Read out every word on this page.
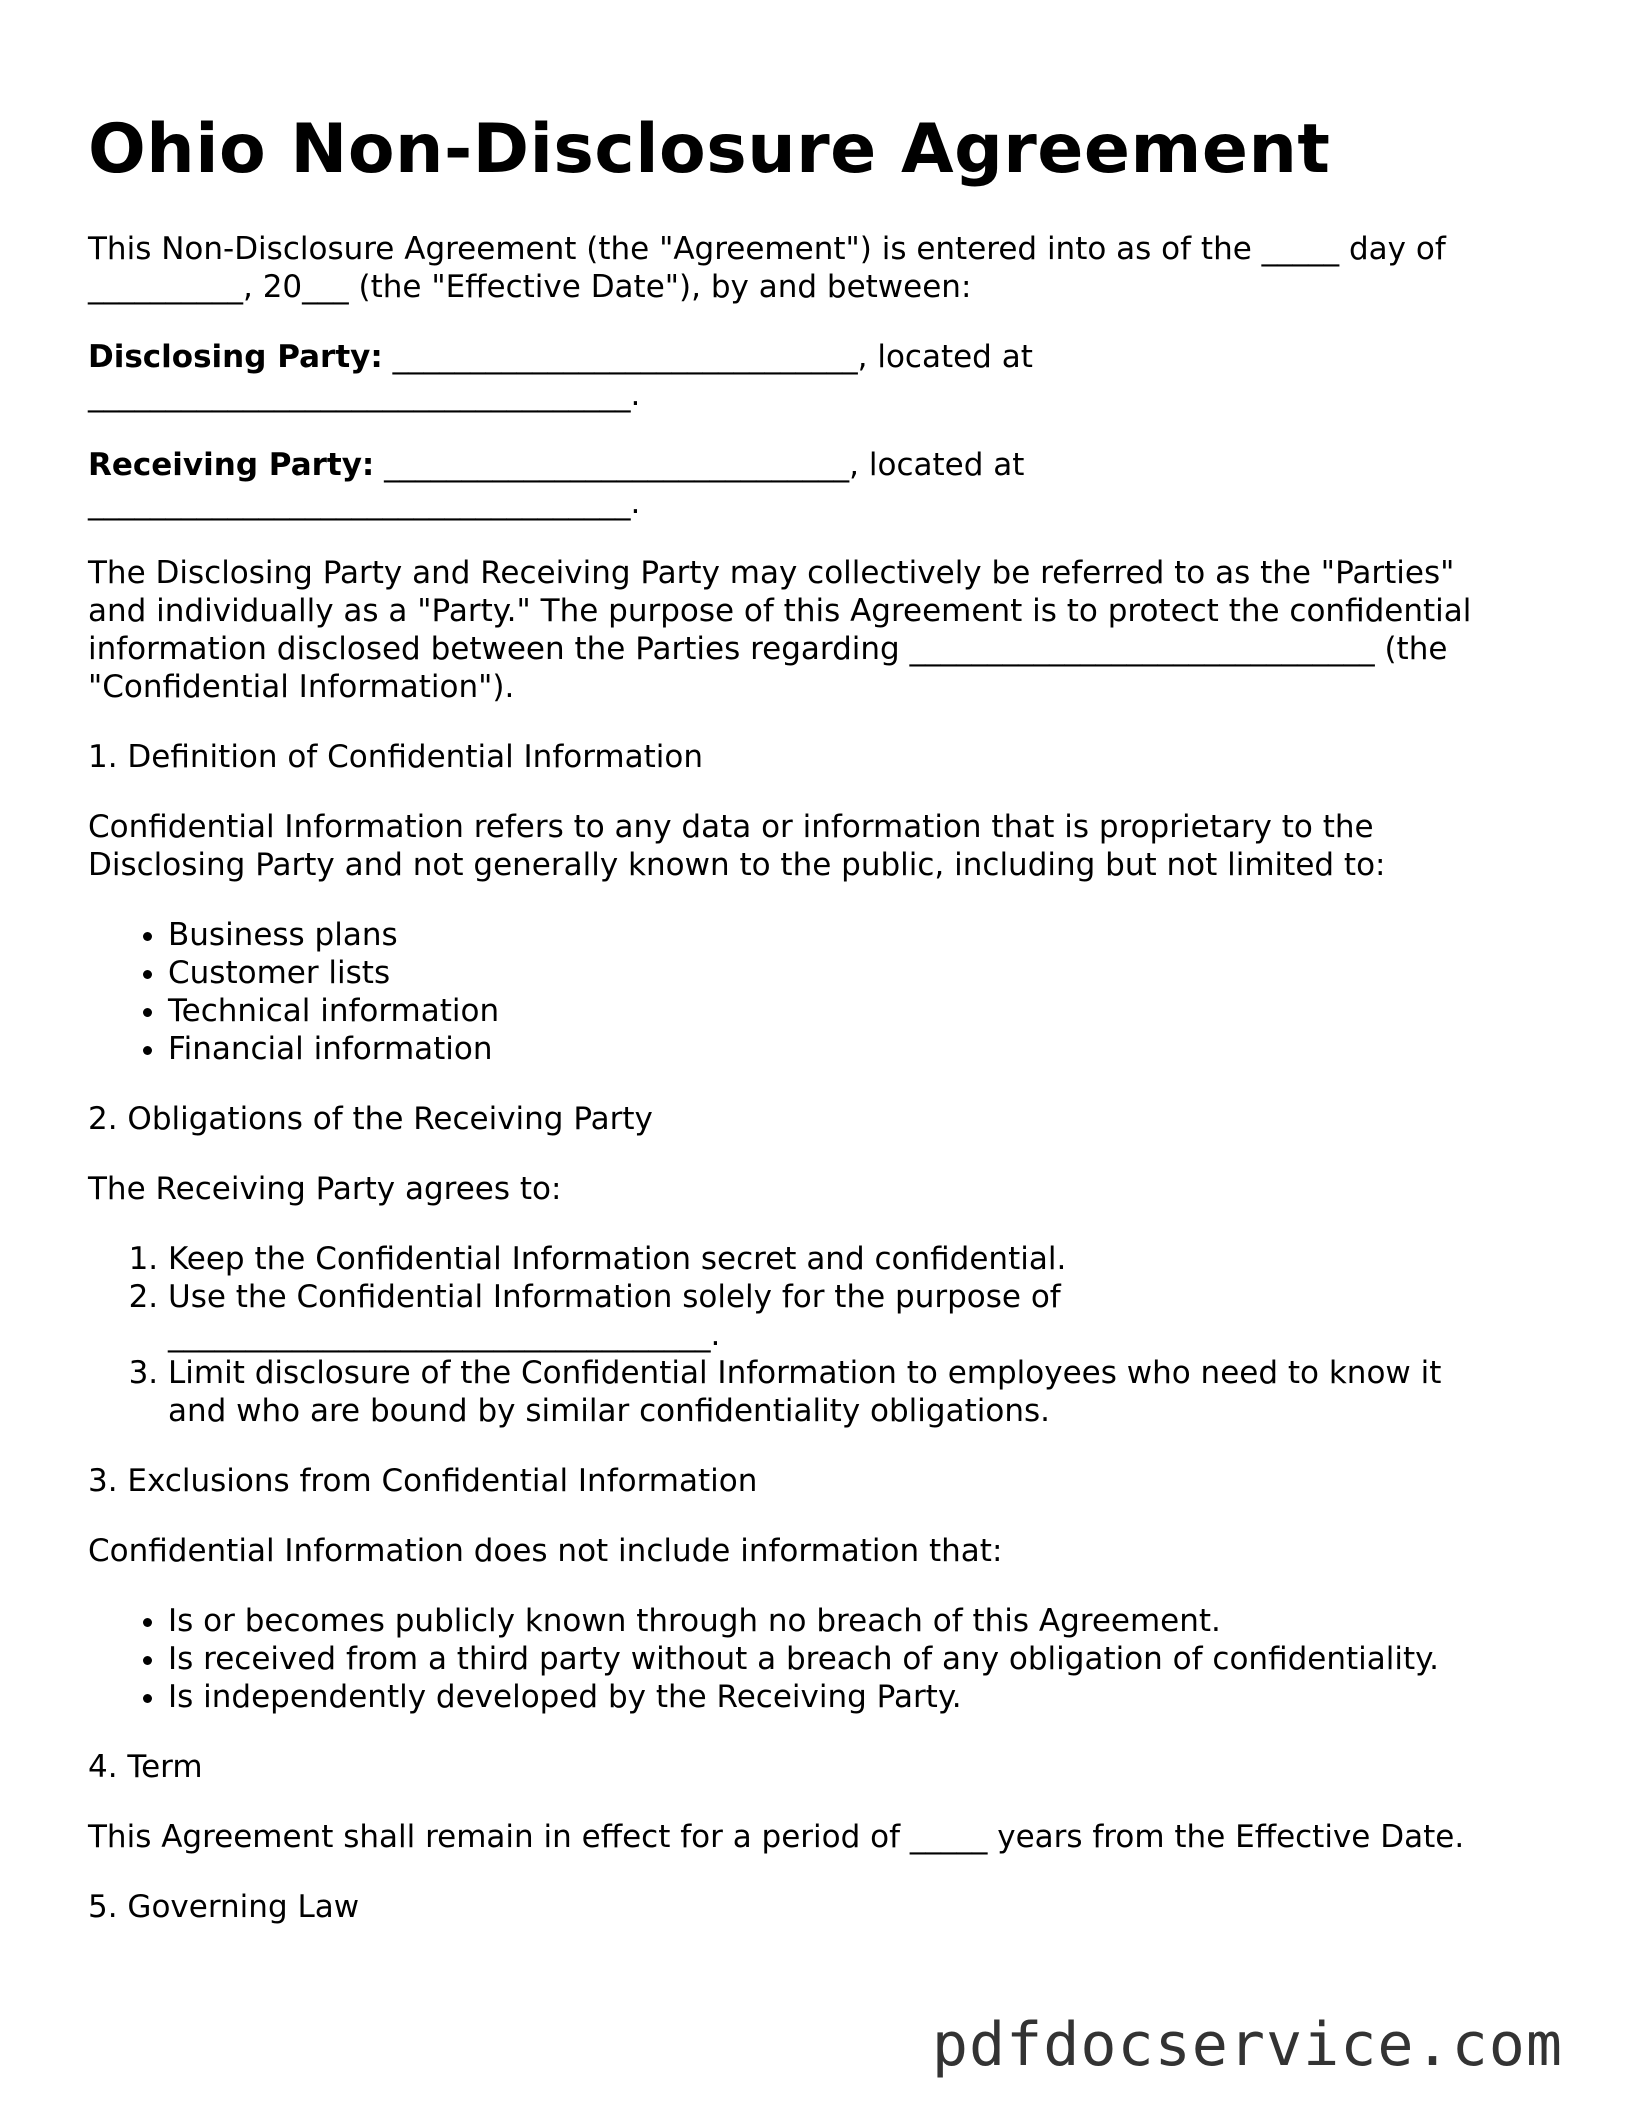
Ohio Non-Disclosure Agreement

This Non-Disclosure Agreement (the "Agreement") is entered into as of the _____ day of
__________, 20___ (the "Effective Date"), by and between:

Disclosing Party: ______________________________, located at
___________________________________.

Receiving Party: ______________________________, located at
___________________________________.

The Disclosing Party and Receiving Party may collectively be referred to as the "Parties"
and individually as a "Party." The purpose of this Agreement is to protect the confidential
information disclosed between the Parties regarding ______________________________ (the
"Confidential Information").

1. Definition of Confidential Information

Confidential Information refers to any data or information that is proprietary to the
Disclosing Party and not generally known to the public, including but not limited to:

• Business plans
• Customer lists
• Technical information
• Financial information
2. Obligations of the Receiving Party

The Receiving Party agrees to:

1. Keep the Confidential Information secret and confidential.
2. Use the Confidential Information solely for the purpose of
___________________________________.
3. Limit disclosure of the Confidential Information to employees who need to know it
and who are bound by similar confidentiality obligations.
3. Exclusions from Confidential Information

Confidential Information does not include information that:

• Is or becomes publicly known through no breach of this Agreement.
• Is received from a third party without a breach of any obligation of confidentiality.
• Is independently developed by the Receiving Party.
4. Term

This Agreement shall remain in effect for a period of _____ years from the Effective Date.

5. Governing Law
pdfdocservice.com
